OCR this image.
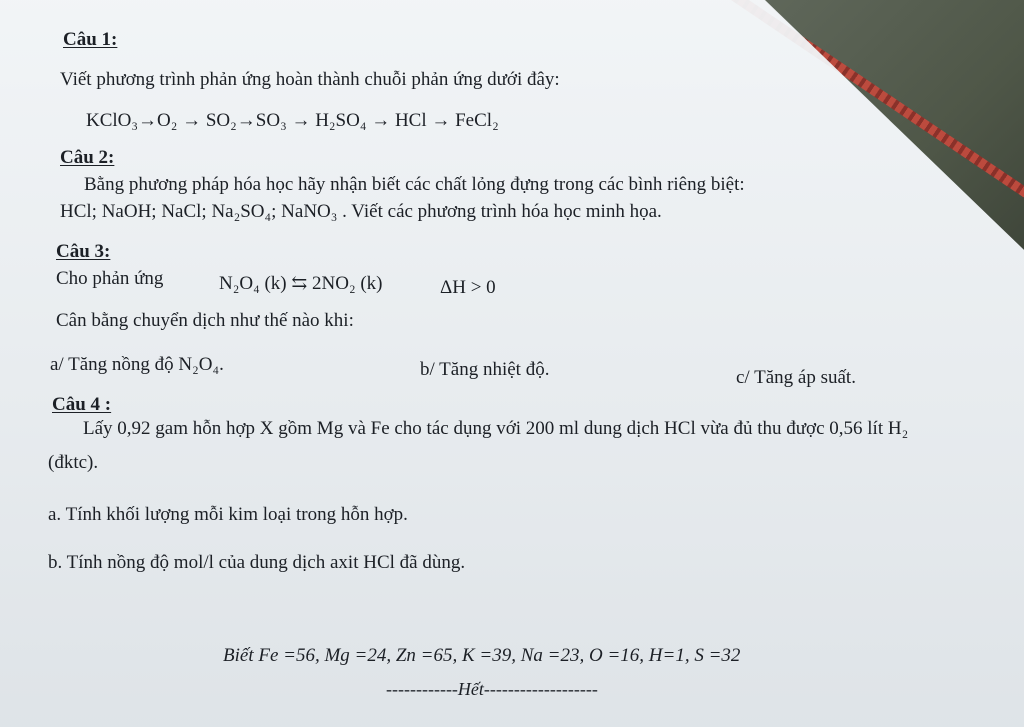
Câu 1:
Viết phương trình phản ứng hoàn thành chuỗi phản ứng dưới đây:
KClO₃→O₂ → SO₂→SO₃ → H₂SO₄ → HCl → FeCl₂
Câu 2:
Bằng phương pháp hóa học hãy nhận biết các chất lỏng đựng trong các bình riêng biệt:
HCl; NaOH; NaCl; Na₂SO₄; NaNO₃ . Viết các phương trình hóa học minh họa.
Câu 3:
Cho phản ứng	N₂O₄ (k) ⇆ 2NO₂ (k)	ΔH > 0
Cân bằng chuyển dịch như thế nào khi:
a/ Tăng nồng độ N₂O₄.	b/ Tăng nhiệt độ.	c/ Tăng áp suất.
Câu 4 :
Lấy 0,92 gam hỗn hợp X gồm Mg và Fe cho tác dụng với 200 ml dung dịch HCl vừa đủ thu được 0,56 lít H₂
(đktc).
a. Tính khối lượng mỗi kim loại trong hỗn hợp.
b. Tính nồng độ mol/l của dung dịch axit HCl đã dùng.
Biết Fe =56, Mg =24, Zn =65, K =39, Na =23, O =16, H=1, S =32
------------Hết-------------------
